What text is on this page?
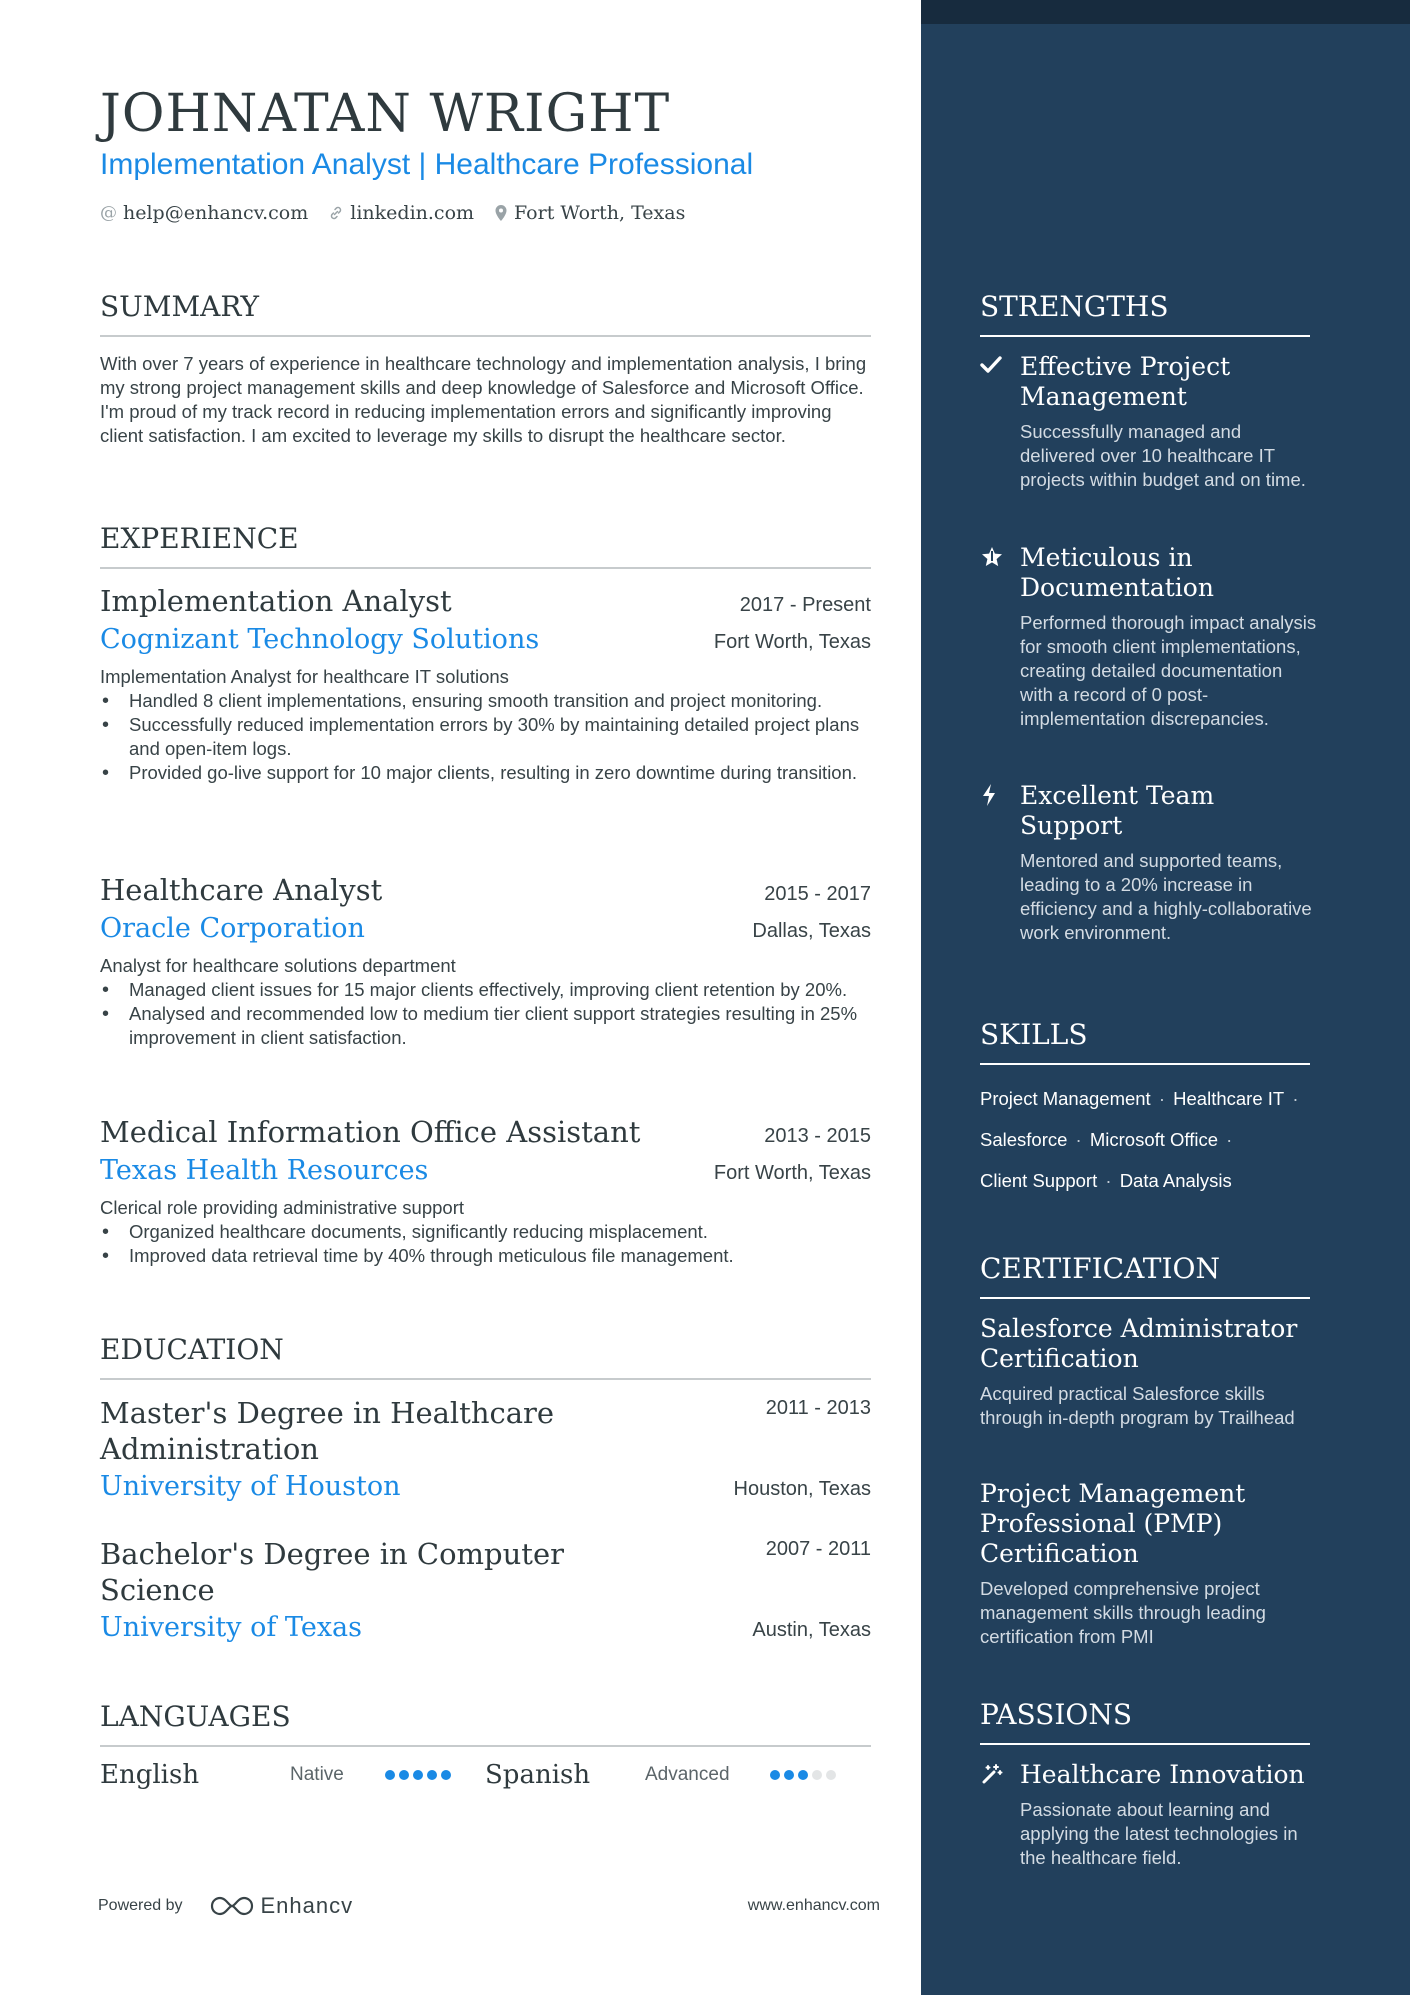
JOHNATAN WRIGHT
Implementation Analyst | Healthcare Professional
@ help@enhancv.com linkedin.com Fort Worth, Texas
SUMMARY

With over 7 years of experience in healthcare technology and implementation analysis, I bring my strong project management skills and deep knowledge of Salesforce and Microsoft Office. I'm proud of my track record in reducing implementation errors and significantly improving client satisfaction. I am excited to leverage my skills to disrupt the healthcare sector.

EXPERIENCE
Implementation Analyst	2017 - Present
Cognizant Technology Solutions	Fort Worth, Texas
Implementation Analyst for healthcare IT solutions
• Handled 8 client implementations, ensuring smooth transition and project monitoring.
• Successfully reduced implementation errors by 30% by maintaining detailed project plans and open-item logs.
• Provided go-live support for 10 major clients, resulting in zero downtime during transition.
Healthcare Analyst	2015 - 2017
Oracle Corporation	Dallas, Texas
Analyst for healthcare solutions department
• Managed client issues for 15 major clients effectively, improving client retention by 20%.
• Analysed and recommended low to medium tier client support strategies resulting in 25% improvement in client satisfaction.
Medical Information Office Assistant	2013 - 2015
Texas Health Resources	Fort Worth, Texas
Clerical role providing administrative support
• Organized healthcare documents, significantly reducing misplacement.
• Improved data retrieval time by 40% through meticulous file management.
EDUCATION
Master's Degree in Healthcare Administration
2011 - 2013
University of Houston	Houston, Texas
Bachelor's Degree in Computer Science
2007 - 2011
University of Texas	Austin, Texas
LANGUAGES
English	Native	Spanish	Advanced
Powered by	Enhancv	www.enhancv.com
STRENGTHS
Effective Project Management
Successfully managed and delivered over 10 healthcare IT projects within budget and on time.
Meticulous in Documentation
Performed thorough impact analysis for smooth client implementations, creating detailed documentation with a record of 0 post-implementation discrepancies.
Excellent Team Support
Mentored and supported teams, leading to a 20% increase in efficiency and a highly-collaborative work environment.
SKILLS
Project Management · Healthcare IT ·
Salesforce · Microsoft Office ·
Client Support · Data Analysis
CERTIFICATION
Salesforce Administrator Certification
Acquired practical Salesforce skills through in-depth program by Trailhead
Project Management Professional (PMP) Certification
Developed comprehensive project management skills through leading certification from PMI
PASSIONS
Healthcare Innovation
Passionate about learning and applying the latest technologies in the healthcare field.
